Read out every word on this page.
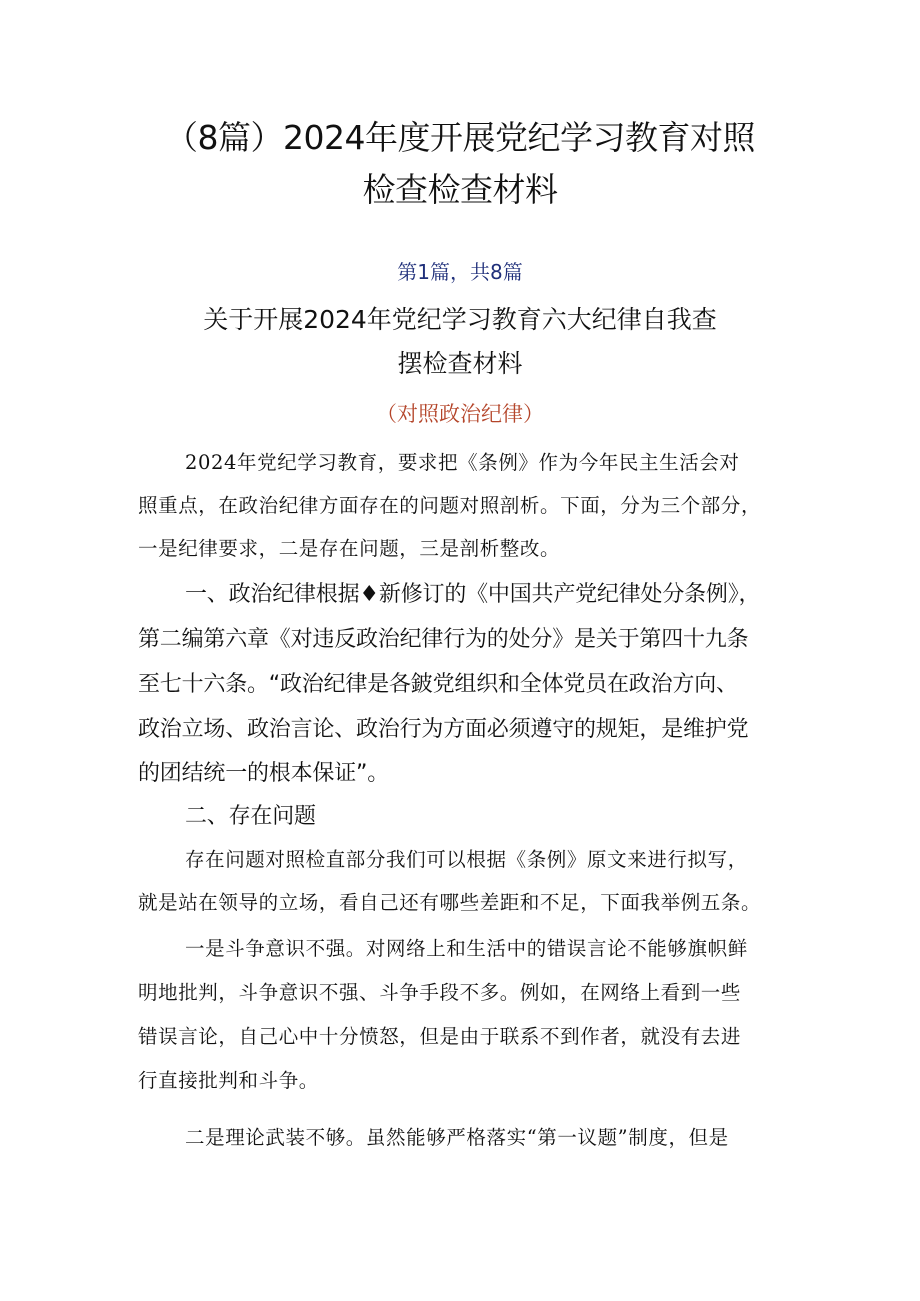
（8篇）2024年度开展党纪学习教育对照
检查检查材料
第1篇，共8篇
关于开展2024年党纪学习教育六大纪律自我查
摆检查材料
（对照政治纪律）
2024年党纪学习教育，要求把《条例》作为今年民主生活会对
照重点，在政治纪律方面存在的问题对照剖析。下面，分为三个部分，
一是纪律要求，二是存在问题，三是剖析整改。
一、政治纪律根据♦新修订的《中国共产党纪律处分条例》，
第二编第六章《对违反政治纪律行为的处分》是关于第四十九条
至七十六条。“政治纪律是各鈹党组织和全体党员在政治方向、
政治立场、政治言论、政治行为方面必须遵守的规矩，是维护党
的团结统一的根本保证”。
二、存在问题
存在问题对照检直部分我们可以根据《条例》原文来进行拟写，
就是站在领导的立场，看自己还有哪些差距和不足，下面我举例五条。
一是斗争意识不强。对网络上和生活中的错误言论不能够旗帜鲜
明地批判，斗争意识不强、斗争手段不多。例如，在网络上看到一些
错误言论，自己心中十分愤怒，但是由于联系不到作者，就没有去进
行直接批判和斗争。
二是理论武装不够。虽然能够严格落实“第一议题”制度，但是
